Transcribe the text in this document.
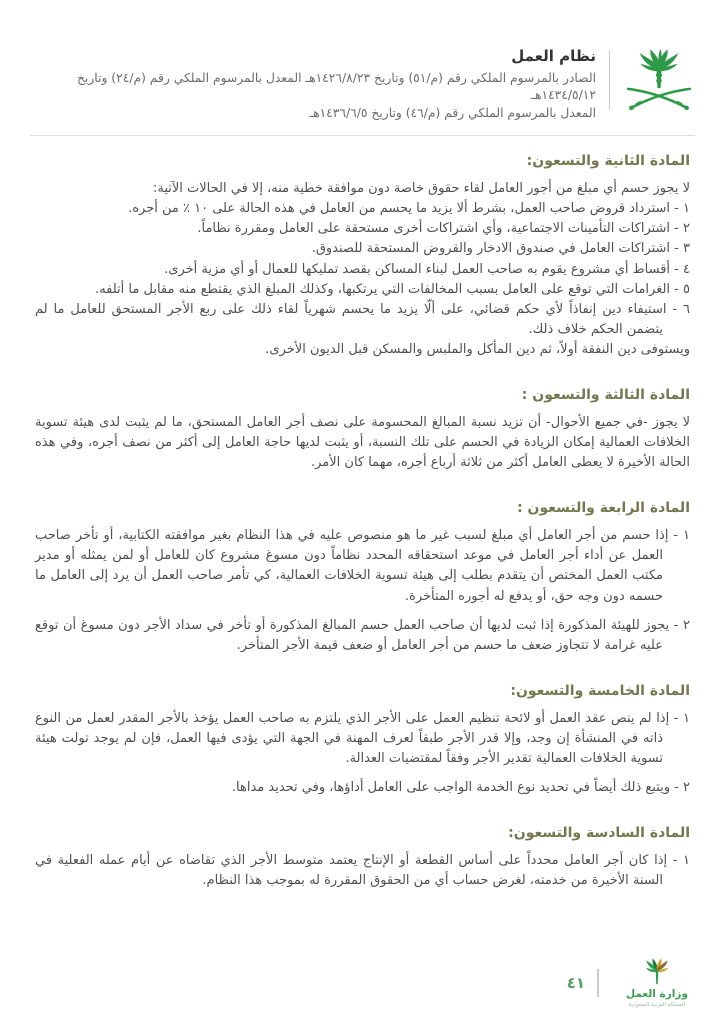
نظام العمل
الصادر بالمرسوم الملكي رقم (م/٥١) وتاريخ ١٤٢٦/٨/٢٣هـ المعدل بالمرسوم الملكي رقم (م/٢٤) وتاريخ ١٤٣٤/٥/١٢هـ
المعدل بالمرسوم الملكي رقم (م/٤٦) وتاريخ ١٤٣٦/٦/٥هـ
المادة الثانية والتسعون:
لا يجوز حسم أي مبلغ من أجور العامل لقاء حقوق خاصة دون موافقة خطية منه، إلا في الحالات الآتية:
١ - استرداد قروض صاحب العمل، بشرط ألا يزيد ما يحسم من العامل في هذه الحالة على ١٠ ٪ من أجره.
٢ - اشتراكات التأمينات الاجتماعية، وأي اشتراكات أخرى مستحقة على العامل ومقررة نظاماً.
٣ - اشتراكات العامل في صندوق الادخار والقروض المستحقة للصندوق.
٤ - أقساط أي مشروع يقوم به صاحب العمل لبناء المساكن بقصد تمليكها للعمال أو أي مزية أخرى.
٥ - الغرامات التي توقع على العامل بسبب المخالفات التي يرتكبها، وكذلك المبلغ الذي يقتطع منه مقابل ما أتلفه.
٦ - استيفاء دين إنفاذاً لأي حكم قضائي، على ألّا يزيد ما يحسم شهرياً لقاء ذلك على ربع الأجر المستحق للعامل ما لم يتضمن الحكم خلاف ذلك.
ويستوفى دين النفقة أولاً، ثم دين المأكل والملبس والمسكن قبل الديون الأخرى.
المادة الثالثة والتسعون :
لا يجوز -في جميع الأحوال- أن تزيد نسبة المبالغ المحسومة على نصف أجر العامل المستحق، ما لم يثبت لدى هيئة تسوية الخلافات العمالية إمكان الزيادة في الحسم على تلك النسبة، أو يثبت لديها حاجة العامل إلى أكثر من نصف أجره، وفي هذه الحالة الأخيرة لا يعطى العامل أكثر من ثلاثة أرباع أجره، مهما كان الأمر.
المادة الرابعة والتسعون :
١ - إذا حسم من أجر العامل أي مبلغ لسبب غير ما هو منصوص عليه في هذا النظام بغير موافقته الكتابية، أو تأخر صاحب العمل عن أداء أجر العامل في موعد استحقاقه المحدد نظاماً دون مسوغ مشروع كان للعامل أو لمن يمثله أو مدير مكتب العمل المختص أن يتقدم بطلب إلى هيئة تسوية الخلافات العمالية، كي تأمر صاحب العمل أن يرد إلى العامل ما حسمه دون وجه حق، أو يدفع له أجوره المتأخرة.
٢ - يجوز للهيئة المذكورة إذا ثبت لديها أن صاحب العمل حسم المبالغ المذكورة أو تأخر في سداد الأجر دون مسوغ أن توقع عليه غرامة لا تتجاوز ضعف ما حسم من أجر العامل أو ضعف قيمة الأجر المتأخر.
المادة الخامسة والتسعون:
١ - إذا لم ينص عقد العمل أو لائحة تنظيم العمل على الأجر الذي يلتزم به صاحب العمل يؤخذ بالأجر المقدر لعمل من النوع ذاته في المنشأة إن وجد، وإلا قدر الأجر طبقاً لعرف المهنة في الجهة التي يؤدى فيها العمل، فإن لم يوجد تولت هيئة تسوية الخلافات العمالية تقدير الأجر وفقاً لمقتضيات العدالة.
٢ - ويتبع ذلك أيضاً في تحديد نوع الخدمة الواجب على العامل أداؤها، وفي تحديد مداها.
المادة السادسة والتسعون:
١ - إذا كان أجر العامل محدداً على أساس القطعة أو الإنتاج يعتمد متوسط الأجر الذي تقاضاه عن أيام عمله الفعلية في السنة الأخيرة من خدمته، لغرض حساب أي من الحقوق المقررة له بموجب هذا النظام.
وزارة العمل
المملكة العربية السعودية
٤١
